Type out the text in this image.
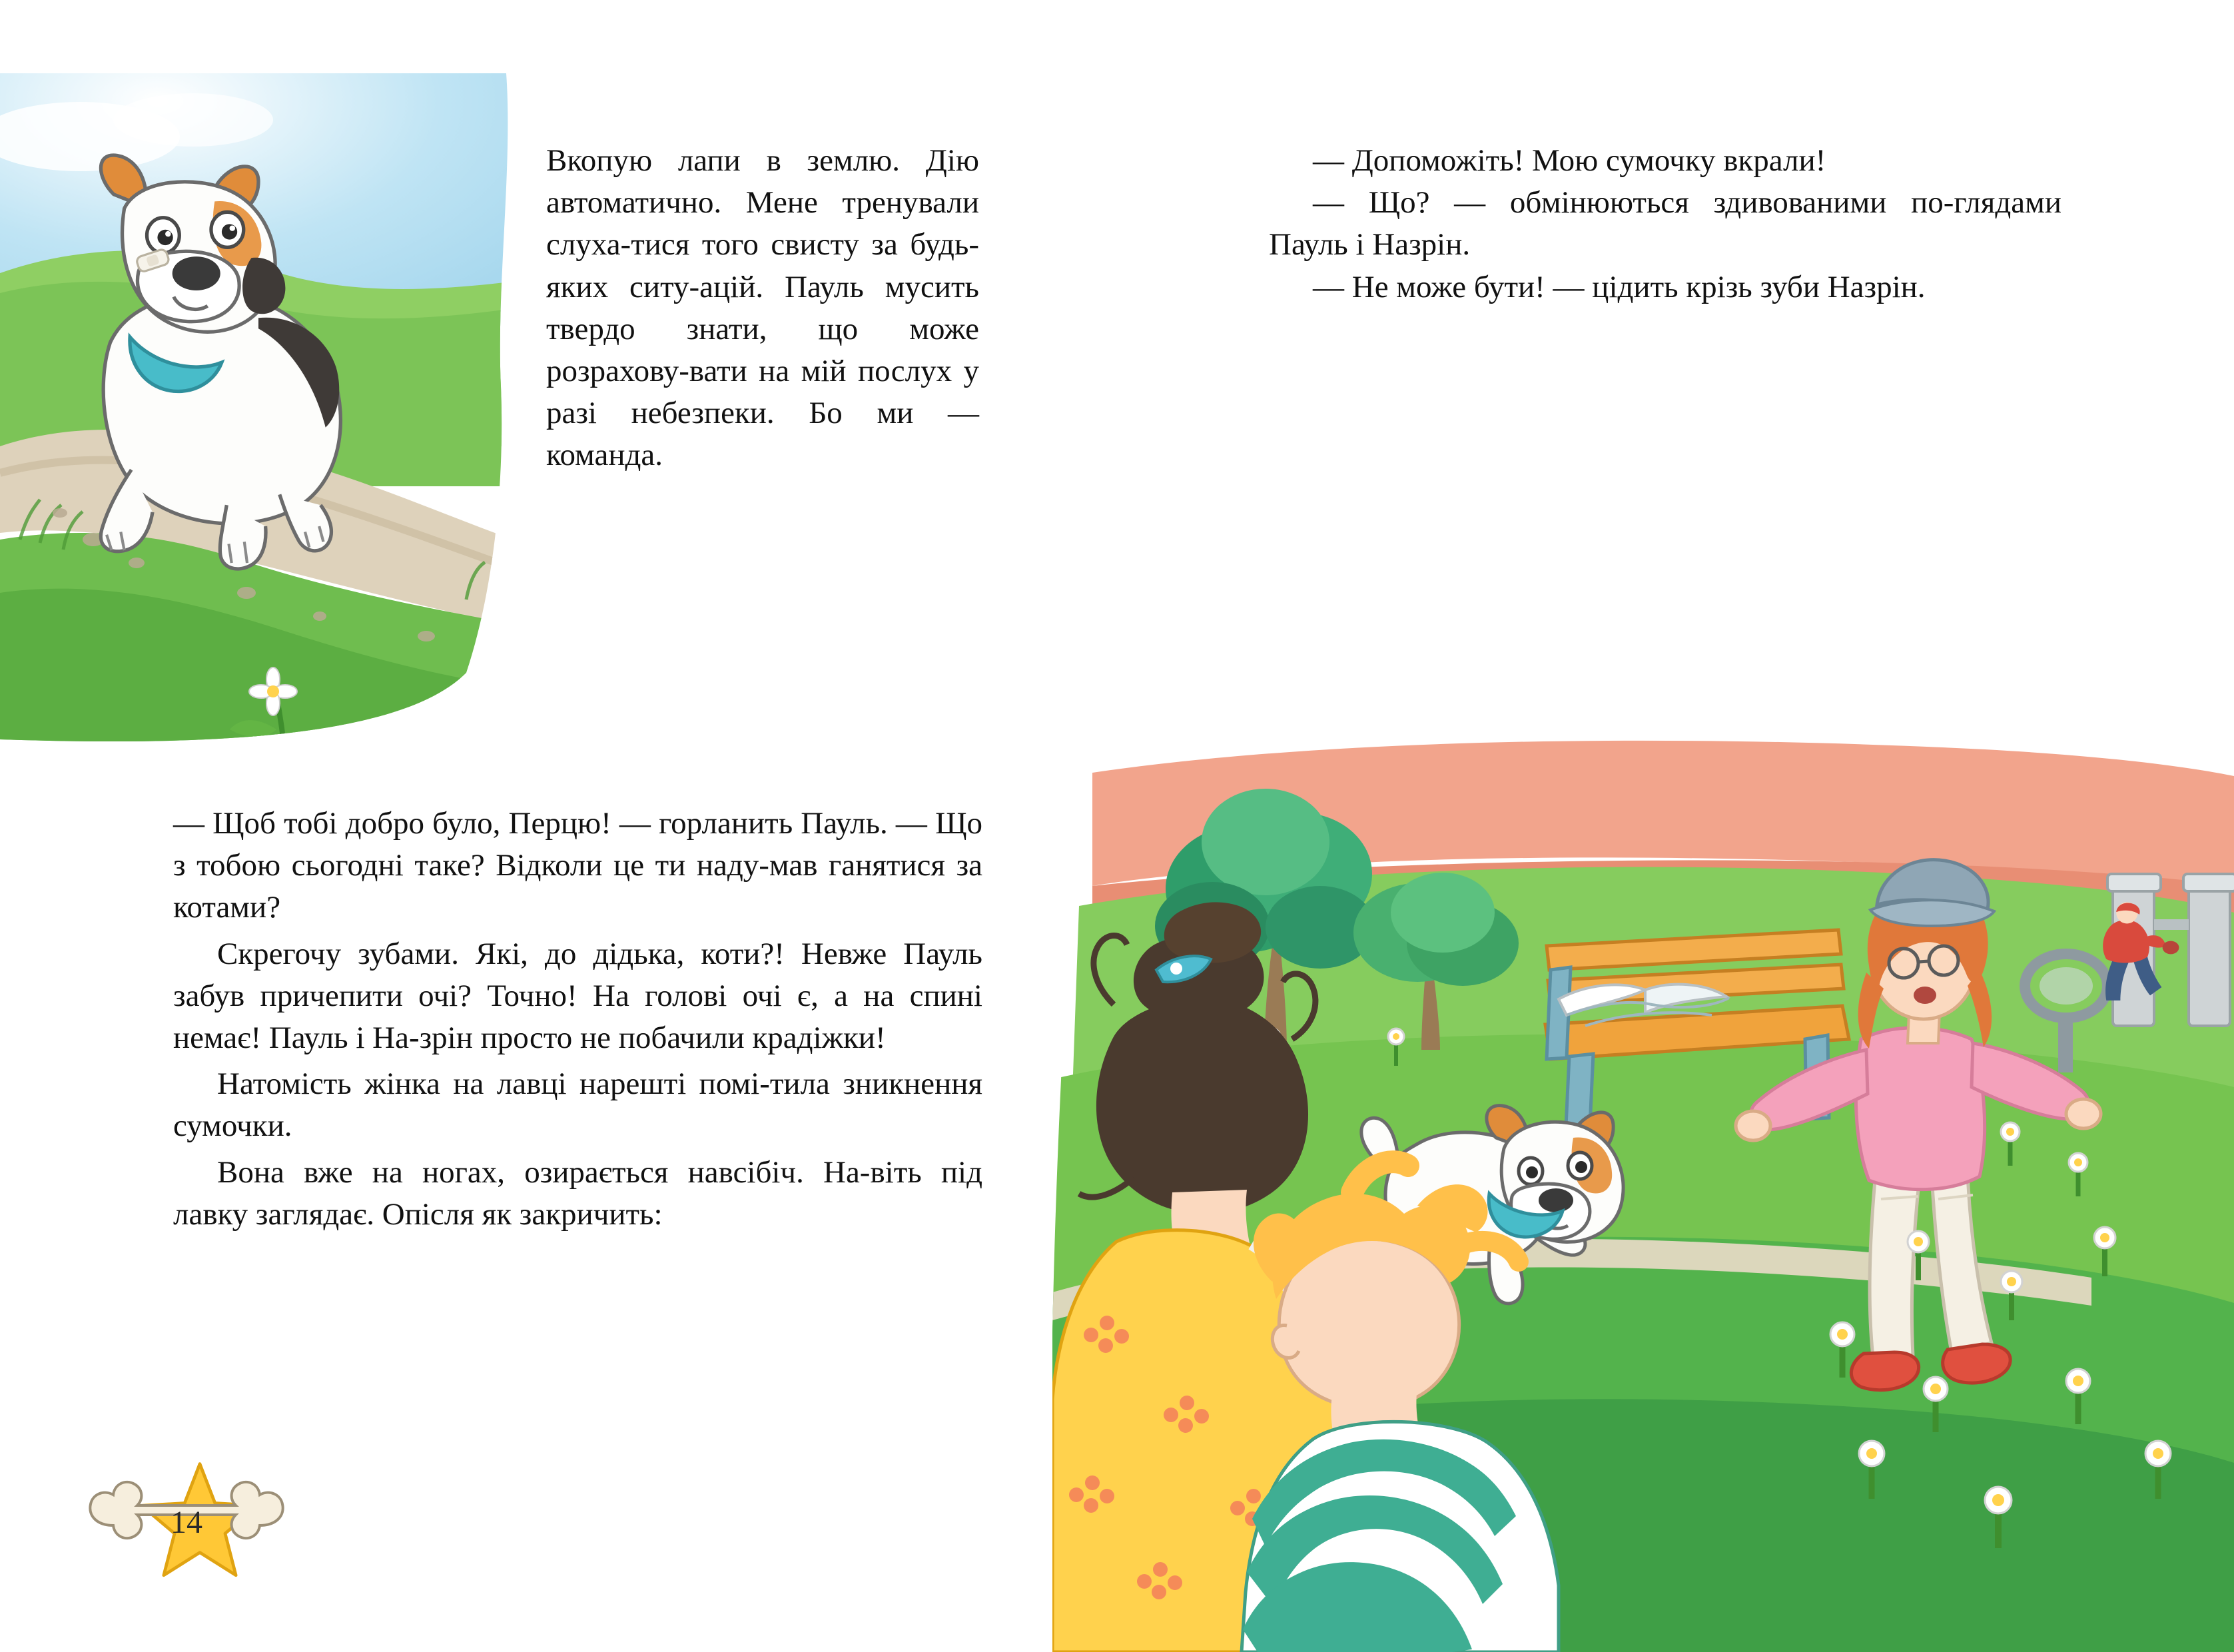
Вкопую лапи в землю. Дію автоматично. Мене тренували слуха-тися того свисту за будь-яких ситу-ацій. Пауль мусить твердо знати, що може розрахову-вати на мій послух у разі небезпеки. Бо ми — команда.

— Щоб тобі добро було, Перцю! — горланить Пауль. — Що з тобою сьогодні таке? Відколи це ти наду-мав ганятися за котами?

Скрегочу зубами. Які, до дідька, коти?! Невже Пауль забув причепити очі? Точно! На голові очі є, а на спині немає! Пауль і На-зрін просто не побачили крадіжки!

Натомість жінка на лавці нарешті помі-тила зникнення сумочки.

Вона вже на ногах, озирається навсібіч. На-віть під лавку заглядає. Опісля як закричить:

14

— Допоможіть! Мою сумочку вкрали!

— Що? — обмінюються здивованими по-глядами Пауль і Назрін.

— Не може бути! — цідить крізь зуби Назрін.
